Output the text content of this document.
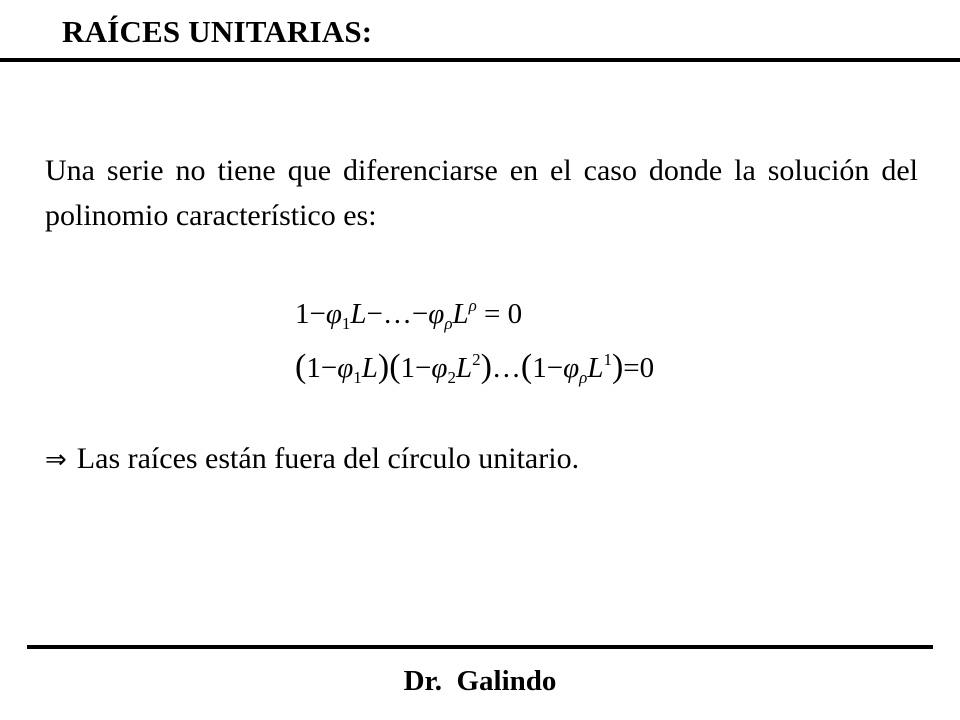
RAÍCES UNITARIAS:
Una serie no tiene que diferenciarse en el caso donde la solución del polinomio característico es:
$1-\varphi_1L-\dots-\varphi_\rho L^\rho = 0$
$(1-\varphi_1L)(1-\varphi_2L^2)\dots(1-\varphi_\rho L^1)=0$
⇒ Las raíces están fuera del círculo unitario.
Dr.  Galindo
